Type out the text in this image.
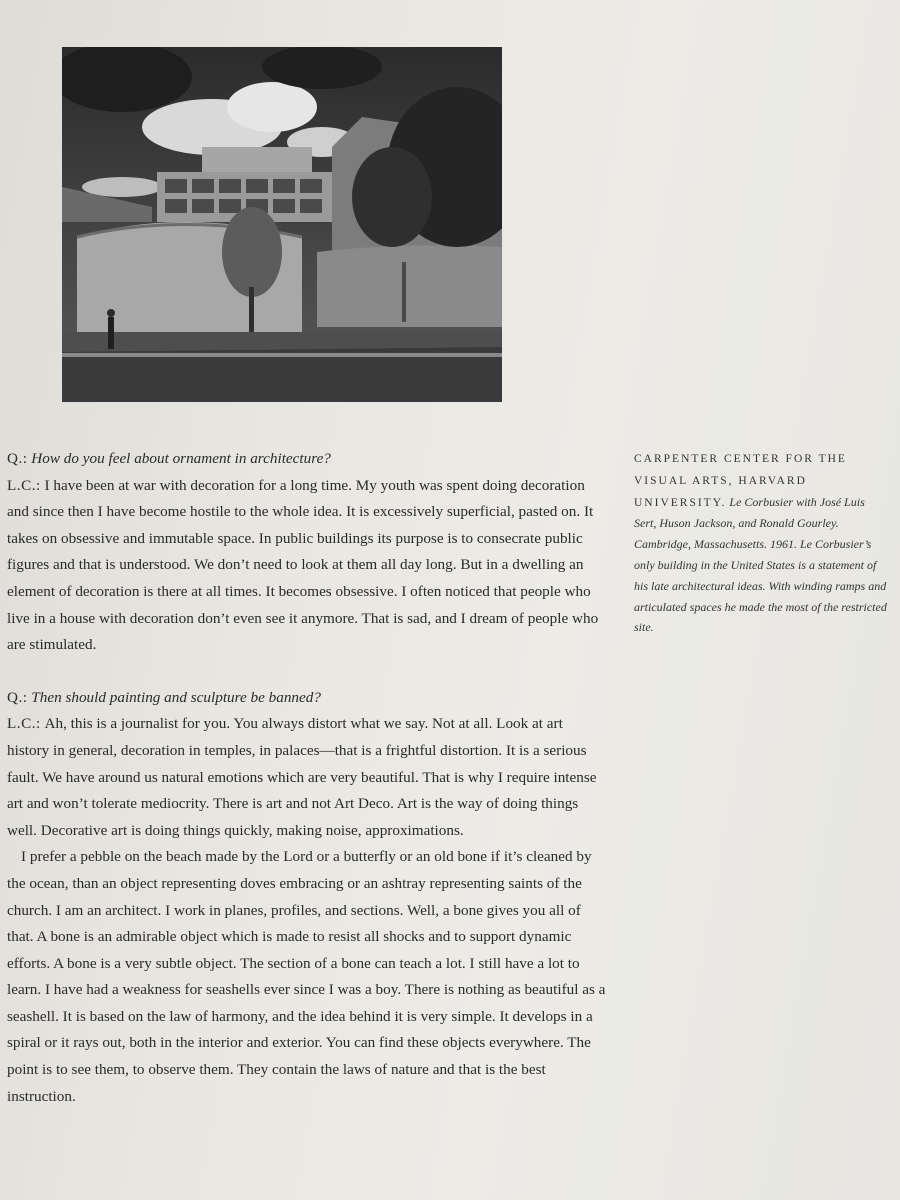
Q.: How do you feel about ornament in architecture?

L.C.: I have been at war with decoration for a long time. My youth was spent doing decoration and since then I have become hostile to the whole idea. It is excessively superficial, pasted on. It takes on obsessive and immutable space. In public buildings its purpose is to consecrate public figures and that is understood. We don’t need to look at them all day long. But in a dwelling an element of decoration is there at all times. It becomes obsessive. I often noticed that people who live in a house with decoration don’t even see it anymore. That is sad, and I dream of people who are stimulated.

Q.: Then should painting and sculpture be banned?

L.C.: Ah, this is a journalist for you. You always distort what we say. Not at all. Look at art history in general, decoration in temples, in palaces—that is a frightful distortion. It is a serious fault. We have around us natural emotions which are very beautiful. That is why I require intense art and won’t tolerate mediocrity. There is art and not Art Deco. Art is the way of doing things well. Decorative art is doing things quickly, making noise, approximations.

I prefer a pebble on the beach made by the Lord or a butterfly or an old bone if it’s cleaned by the ocean, than an object representing doves embracing or an ashtray representing saints of the church. I am an architect. I work in planes, profiles, and sections. Well, a bone gives you all of that. A bone is an admirable object which is made to resist all shocks and to support dynamic efforts. A bone is a very subtle object. The section of a bone can teach a lot. I still have a lot to learn. I have had a weakness for seashells ever since I was a boy. There is nothing as beautiful as a seashell. It is based on the law of harmony, and the idea behind it is very simple. It develops in a spiral or it rays out, both in the interior and exterior. You can find these objects everywhere. The point is to see them, to observe them. They contain the laws of nature and that is the best instruction.

CARPENTER CENTER FOR THE VISUAL ARTS, HARVARD UNIVERSITY. Le Corbusier with José Luis Sert, Huson Jackson, and Ronald Gourley. Cambridge, Massachusetts. 1961. Le Corbusier’s only building in the United States is a statement of his late architectural ideas. With winding ramps and articulated spaces he made the most of the restricted site.
